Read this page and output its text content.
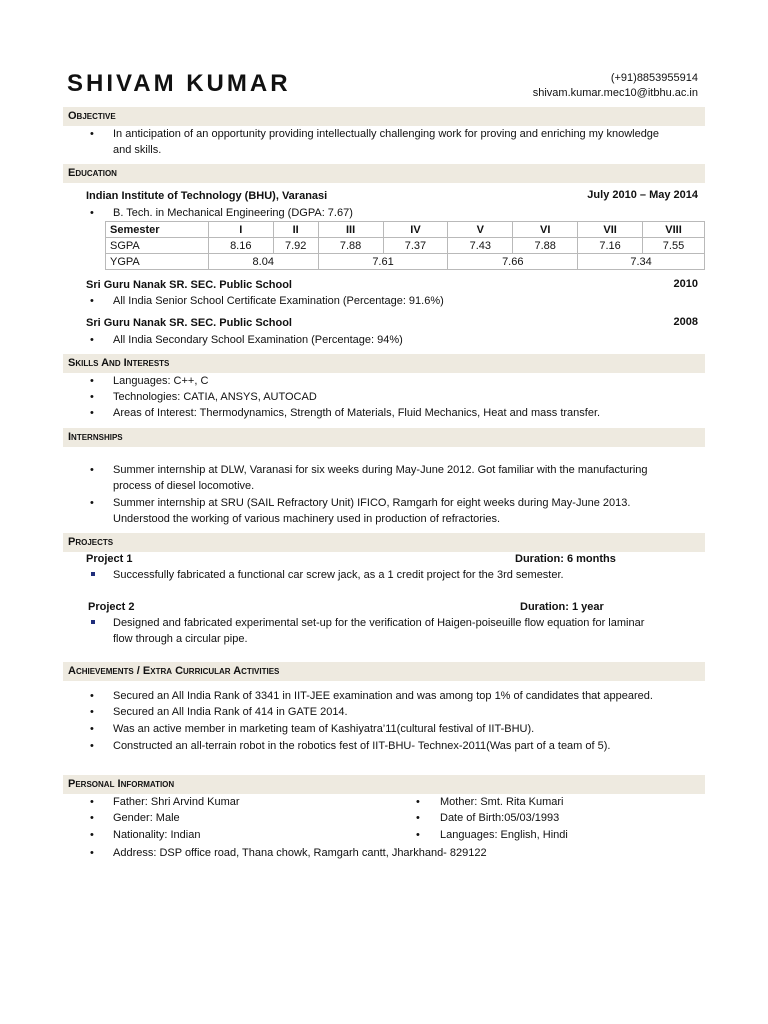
SHIVAM KUMAR	(+91)8853955914
shivam.kumar.mec10@itbhu.ac.in
Objective
• In anticipation of an opportunity providing intellectually challenging work for proving and enriching my knowledge
and skills.
Education
Indian Institute of Technology (BHU), Varanasi	July 2010 – May 2014
• B. Tech. in Mechanical Engineering (DGPA: 7.67)
Semester	I	II	III	IV	V	VI	VII	VIII
SGPA	8.16	7.92	7.88	7.37	7.43	7.88	7.16	7.55
YGPA	8.04		7.61		7.66		7.34	
Sri Guru Nanak SR. SEC. Public School	2010
• All India Senior School Certificate Examination (Percentage: 91.6%)
Sri Guru Nanak SR. SEC. Public School	2008
• All India Secondary School Examination (Percentage: 94%)
Skills And Interests
• Languages: C++, C
• Technologies: CATIA, ANSYS, AUTOCAD
• Areas of Interest: Thermodynamics, Strength of Materials, Fluid Mechanics, Heat and mass transfer.
Internships
• Summer internship at DLW, Varanasi for six weeks during May-June 2012. Got familiar with the manufacturing
process of diesel locomotive.
• Summer internship at SRU (SAIL Refractory Unit) IFICO, Ramgarh for eight weeks during May-June 2013.
Understood the working of various machinery used in production of refractories.
Projects
Project 1	Duration: 6 months
Successfully fabricated a functional car screw jack, as a 1 credit project for the 3rd semester.
Project 2	Duration: 1 year
Designed and fabricated experimental set-up for the verification of Haigen-poiseuille flow equation for laminar
flow through a circular pipe.
Achievements / Extra Curricular Activities
• Secured an All India Rank of 3341 in IIT-JEE examination and was among top 1% of candidates that appeared.
• Secured an All India Rank of 414 in GATE 2014.
• Was an active member in marketing team of Kashiyatra’11(cultural festival of IIT-BHU).
• Constructed an all-terrain robot in the robotics fest of IIT-BHU- Technex-2011(Was part of a team of 5).
Personal Information
• Father: Shri Arvind Kumar	• Mother: Smt. Rita Kumari
• Gender: Male	• Date of Birth:05/03/1993
• Nationality: Indian	• Languages: English, Hindi
• Address: DSP office road, Thana chowk, Ramgarh cantt, Jharkhand- 829122
